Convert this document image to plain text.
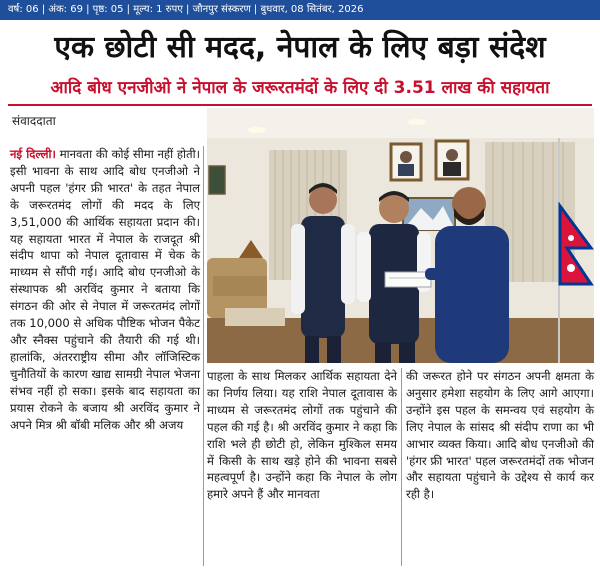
वर्ष: 06 | अंक: 69 | पृष्ठ: 05 | मूल्य: 1 रुपए | जौनपुर संस्करण | बुधवार, 08 सितंबर, 2026
एक छोटी सी मदद, नेपाल के लिए बड़ा संदेश
आदि बोध एनजीओ ने नेपाल के जरूरतमंदों के लिए दी 3.51 लाख की सहायता
संवाददाता
नई दिल्ली। मानवता की कोई सीमा नहीं होती। इसी भावना के साथ आदि बोध एनजीओ ने अपनी पहल 'हंगर फ्री भारत' के तहत नेपाल के जरूरतमंद लोगों की मदद के लिए 3,51,000 की आर्थिक सहायता प्रदान की। यह सहायता भारत में नेपाल के राजदूत श्री संदीप थापा को नेपाल दूतावास में चेक के माध्यम से सौंपी गई। आदि बोध एनजीओ के संस्थापक श्री अरविंद कुमार ने बताया कि संगठन की ओर से नेपाल में जरूरतमंद लोगों तक 10,000 से अधिक पौष्टिक भोजन पैकेट और स्नैक्स पहुंचाने की तैयारी की गई थी। हालांकि, अंतरराष्ट्रीय सीमा और लॉजिस्टिक चुनौतियों के कारण खाद्य सामग्री नेपाल भेजना संभव नहीं हो सका। इसके बाद सहायता का प्रयास रोकने के बजाय श्री अरविंद कुमार ने अपने मित्र श्री बॉबी मलिक और श्री अजय
पाहला के साथ मिलकर आर्थिक सहायता देने का निर्णय लिया। यह राशि नेपाल दूतावास के माध्यम से जरूरतमंद लोगों तक पहुंचाने की पहल की गई है। श्री अरविंद कुमार ने कहा कि राशि भले ही छोटी हो, लेकिन मुश्किल समय में किसी के साथ खड़े होने की भावना सबसे महत्वपूर्ण है। उन्होंने कहा कि नेपाल के लोग हमारे अपने हैं और मानवता
की जरूरत होने पर संगठन अपनी क्षमता के अनुसार हमेशा सहयोग के लिए आगे आएगा। उन्होंने इस पहल के समन्वय एवं सहयोग के लिए नेपाल के सांसद श्री संदीप राणा का भी आभार व्यक्त किया। आदि बोध एनजीओ की 'हंगर फ्री भारत' पहल जरूरतमंदों तक भोजन और सहायता पहुंचाने के उद्देश्य से कार्य कर रही है।
